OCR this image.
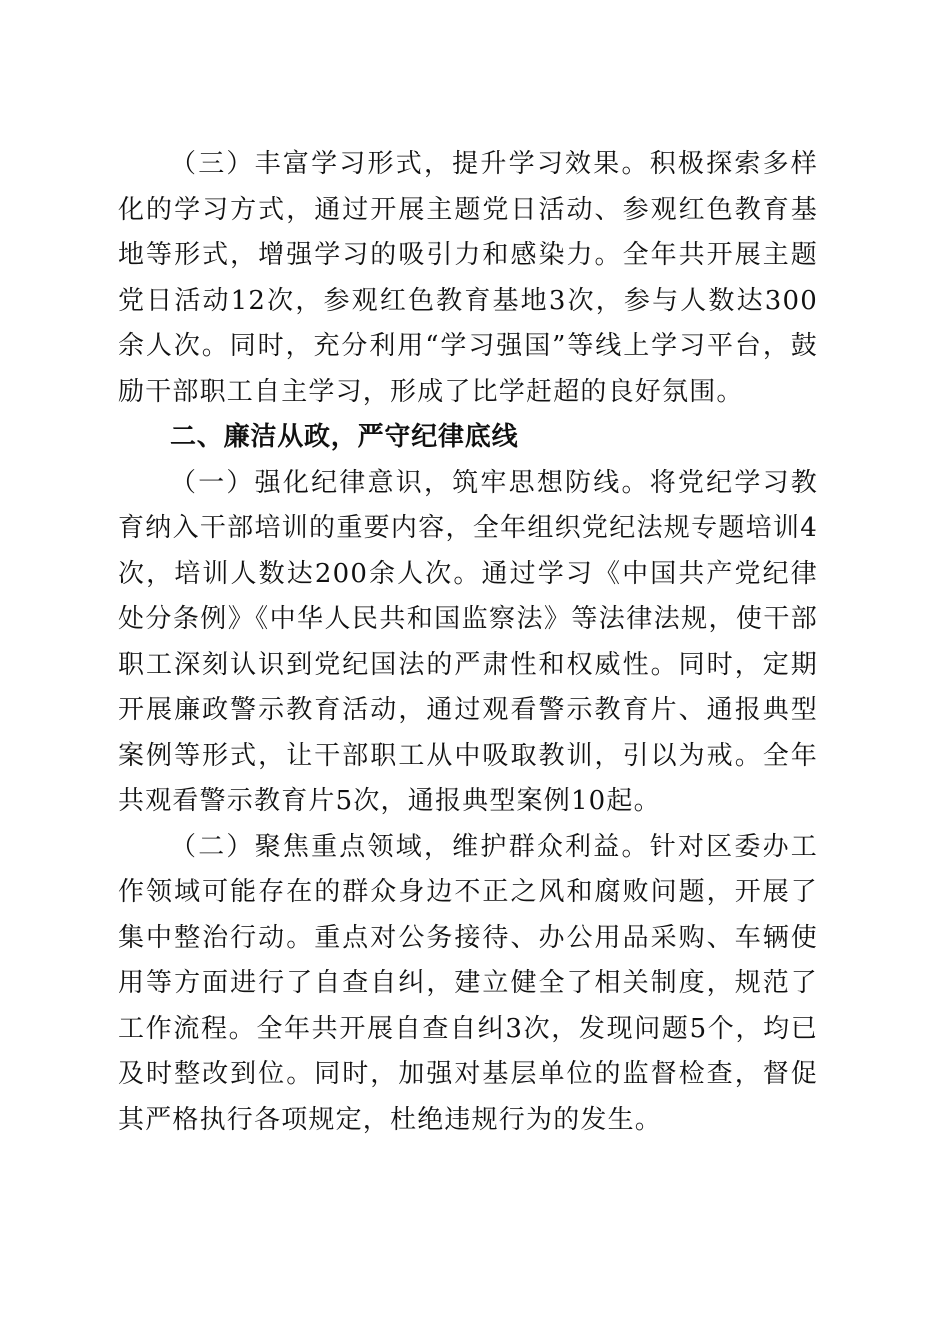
（三）丰富学习形式，提升学习效果。积极探索多样化的学习方式，通过开展主题党日活动、参观红色教育基地等形式，增强学习的吸引力和感染力。全年共开展主题党日活动12次，参观红色教育基地3次，参与人数达300余人次。同时，充分利用“学习强国”等线上学习平台，鼓励干部职工自主学习，形成了比学赶超的良好氛围。

二、廉洁从政，严守纪律底线

（一）强化纪律意识，筑牢思想防线。将党纪学习教育纳入干部培训的重要内容，全年组织党纪法规专题培训4次，培训人数达200余人次。通过学习《中国共产党纪律处分条例》《中华人民共和国监察法》等法律法规，使干部职工深刻认识到党纪国法的严肃性和权威性。同时，定期开展廉政警示教育活动，通过观看警示教育片、通报典型案例等形式，让干部职工从中吸取教训，引以为戒。全年共观看警示教育片5次，通报典型案例10起。

（二）聚焦重点领域，维护群众利益。针对区委办工作领域可能存在的群众身边不正之风和腐败问题，开展了集中整治行动。重点对公务接待、办公用品采购、车辆使用等方面进行了自查自纠，建立健全了相关制度，规范了工作流程。全年共开展自查自纠3次，发现问题5个，均已及时整改到位。同时，加强对基层单位的监督检查，督促其严格执行各项规定，杜绝违规行为的发生。
